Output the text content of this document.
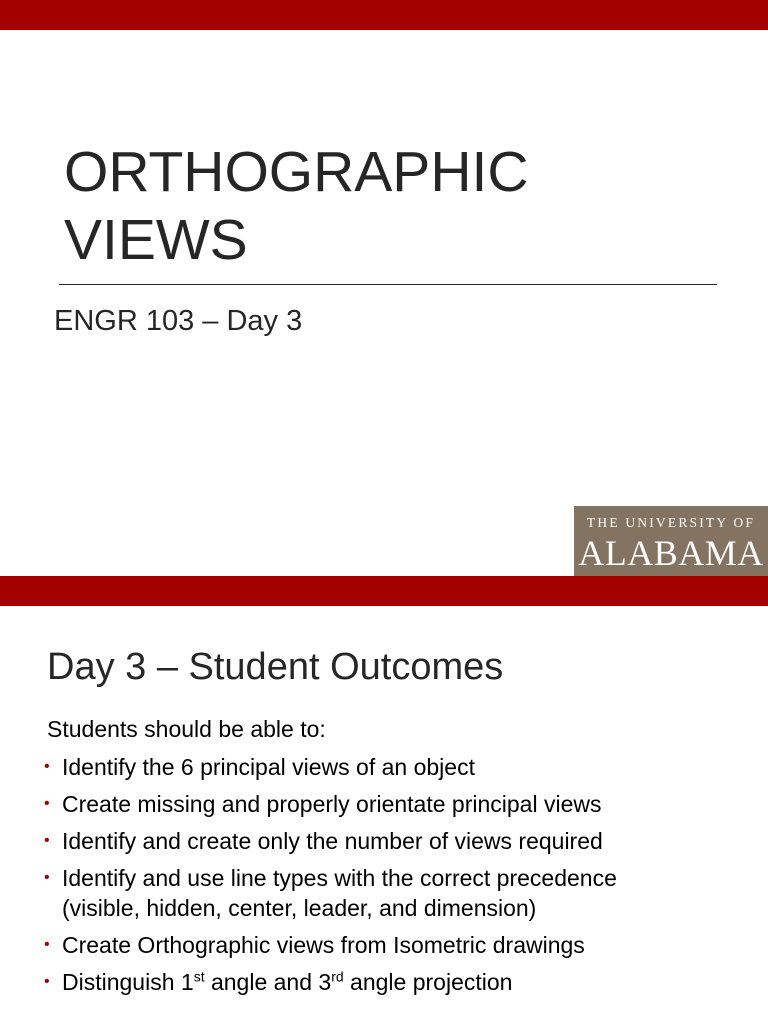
ORTHOGRAPHIC
VIEWS
ENGR 103 – Day 3
THE UNIVERSITY OF
ALABAMA
Day 3 – Student Outcomes
Students should be able to:
• Identify the 6 principal views of an object
• Create missing and properly orientate principal views
• Identify and create only the number of views required
• Identify and use line types with the correct precedence
(visible, hidden, center, leader, and dimension)
• Create Orthographic views from Isometric drawings
• Distinguish 1st angle and 3rd angle projection
